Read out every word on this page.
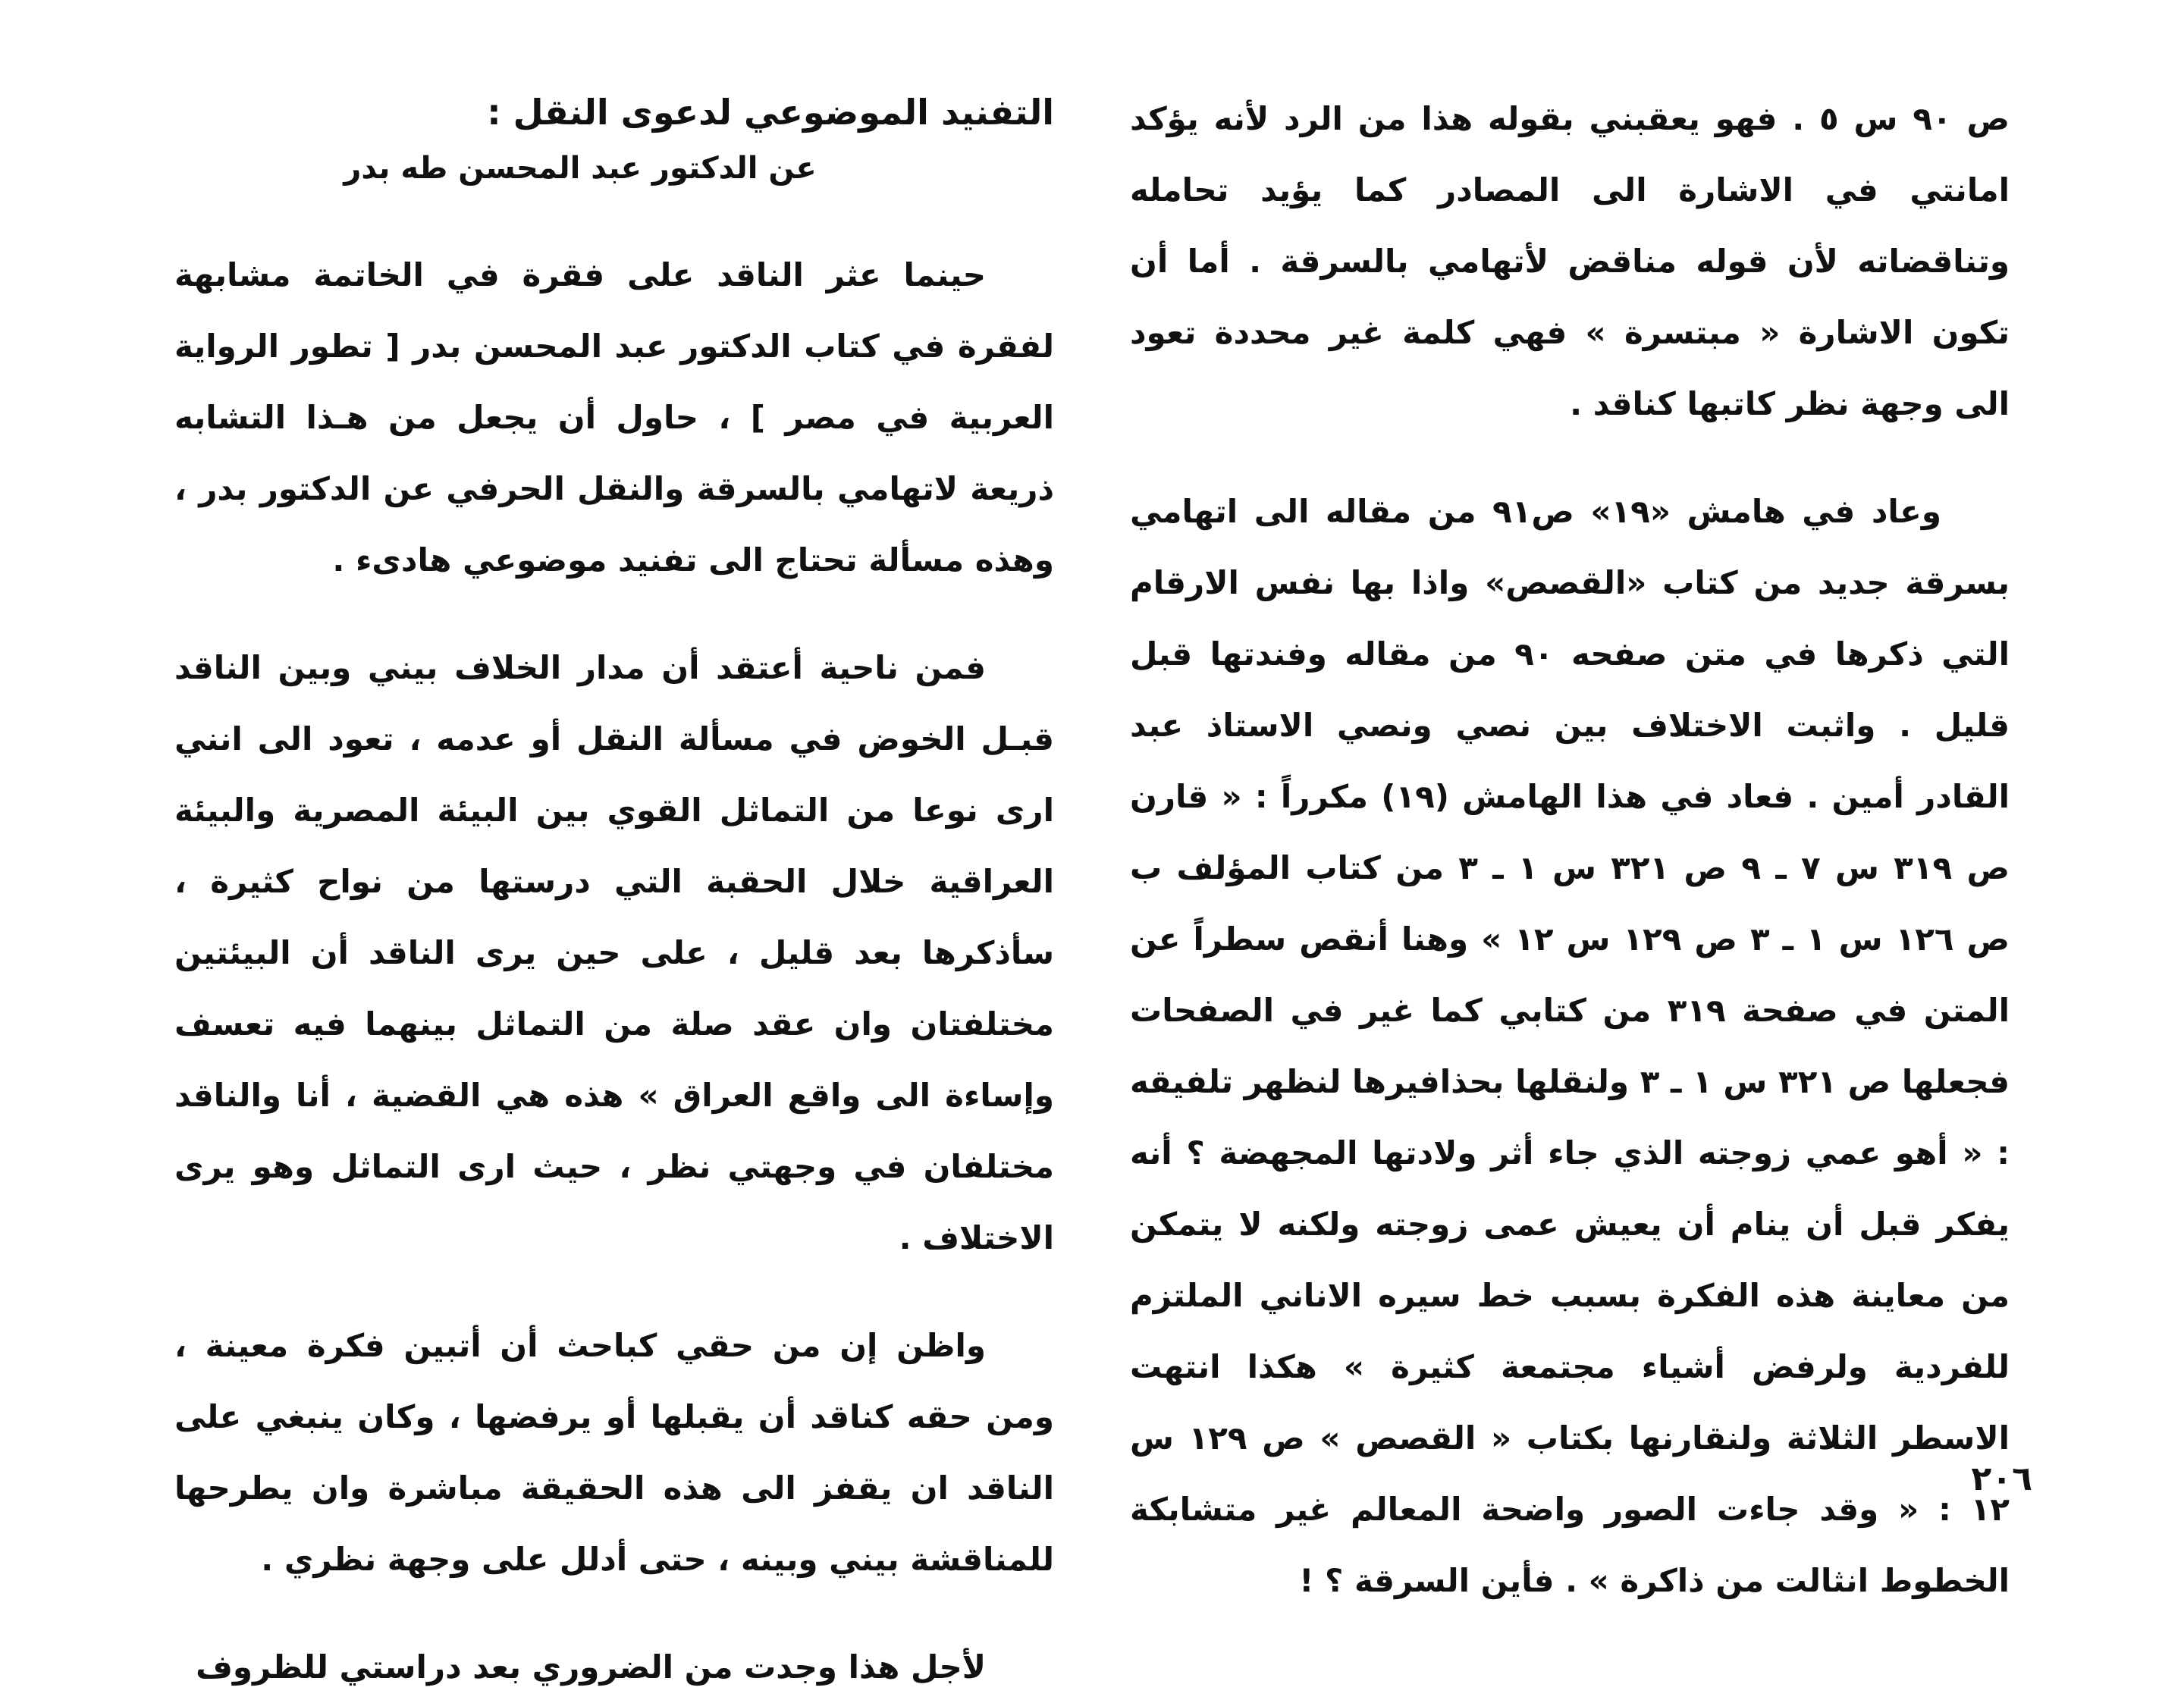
ص ٩٠ س ٥ . فهو يعقبني بقوله هذا من الرد لأنه يؤكد امانتي في الاشارة الى المصادر كما يؤيد تحامله وتناقضاته لأن قوله مناقض لأتهامي بالسرقة . أما أن تكون الاشارة « مبتسرة » فهي كلمة غير محددة تعود الى وجهة نظر كاتبها كناقد .

وعاد في هامش «١٩» ص٩١ من مقاله الى اتهامي بسرقة جديد من كتاب «القصص» واذا بها نفس الارقام التي ذكرها في متن صفحه ٩٠ من مقاله وفندتها قبل قليل . واثبت الاختلاف بين نصي ونصي الاستاذ عبد القادر أمين . فعاد في هذا الهامش (١٩) مكرراً : « قارن ص ٣١٩ س ٧ ـ ٩ ص ٣٢١ س ١ ـ ٣ من كتاب المؤلف ب ص ١٢٦ س ١ ـ ٣ ص ١٢٩ س ١٢ » وهنا أنقص سطراً عن المتن في صفحة ٣١٩ من كتابي كما غير في الصفحات فجعلها ص ٣٢١ س ١ ـ ٣ ولنقلها بحذافيرها لنظهر تلفيقه : « أهو عمي زوجته الذي جاء أثر ولادتها المجهضة ؟ أنه يفكر قبل أن ينام أن يعيش عمى زوجته ولكنه لا يتمكن من معاينة هذه الفكرة بسبب خط سيره الاناني الملتزم للفردية ولرفض أشياء مجتمعة كثيرة » هكذا انتهت الاسطر الثلاثة ولنقارنها بكتاب « القصص » ص ١٢٩ س ١٢ : « وقد جاءت الصور واضحة المعالم غير متشابكة الخطوط انثالت من ذاكرة » . فأين السرقة ؟ !

التفنيد الموضوعي لدعوى النقل :

عن الدكتور عبد المحسن طه بدر

حينما عثر الناقد على فقرة في الخاتمة مشابهة لفقرة في كتاب الدكتور عبد المحسن بدر [ تطور الرواية العربية في مصر ] ، حاول أن يجعل من هـذا التشابه ذريعة لاتهامي بالسرقة والنقل الحرفي عن الدكتور بدر ، وهذه مسألة تحتاج الى تفنيد موضوعي هادىء .

فمن ناحية أعتقد أن مدار الخلاف بيني وبين الناقد قبـل الخوض في مسألة النقل أو عدمه ، تعود الى انني ارى نوعا من التماثل القوي بين البيئة المصرية والبيئة العراقية خلال الحقبة التي درستها من نواح كثيرة ، سأذكرها بعد قليل ، على حين يرى الناقد أن البيئتين مختلفتان وان عقد صلة من التماثل بينهما فيه تعسف وإساءة الى واقع العراق » هذه هي القضية ، أنا والناقد مختلفان في وجهتي نظر ، حيث ارى التماثل وهو يرى الاختلاف .

واظن إن من حقي كباحث أن أتبين فكرة معينة ، ومن حقه كناقد أن يقبلها أو يرفضها ، وكان ينبغي على الناقد ان يقفز الى هذه الحقيقة مباشرة وان يطرحها للمناقشة بيني وبينه ، حتى أدلل على وجهة نظري .

لأجل هذا وجدت من الضروري بعد دراستي للظروف

٢٠٦
